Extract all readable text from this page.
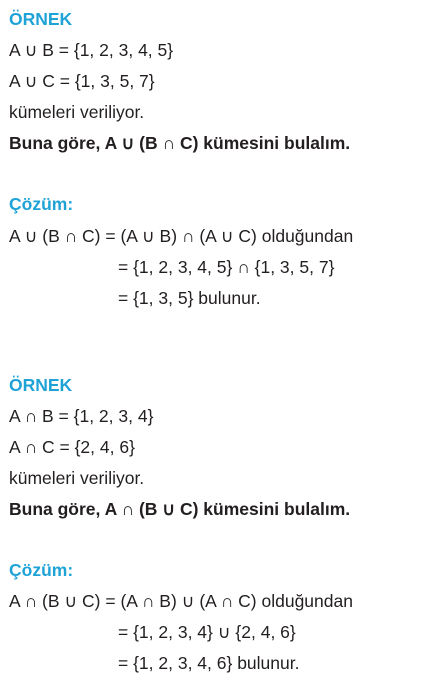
ÖRNEK
A ∪ B = {1, 2, 3, 4, 5}
A ∪ C = {1, 3, 5, 7}
kümeleri veriliyor.
Buna göre, A ∪ (B ∩ C) kümesini bulalım.
Çözüm:
A ∪ (B ∩ C) = (A ∪ B) ∩ (A ∪ C) olduğundan
= {1, 2, 3, 4, 5} ∩ {1, 3, 5, 7}
= {1, 3, 5} bulunur.
ÖRNEK
A ∩ B = {1, 2, 3, 4}
A ∩ C = {2, 4, 6}
kümeleri veriliyor.
Buna göre, A ∩ (B ∪ C) kümesini bulalım.
Çözüm:
A ∩ (B ∪ C) = (A ∩ B) ∪ (A ∩ C) olduğundan
= {1, 2, 3, 4} ∪ {2, 4, 6}
= {1, 2, 3, 4, 6} bulunur.
